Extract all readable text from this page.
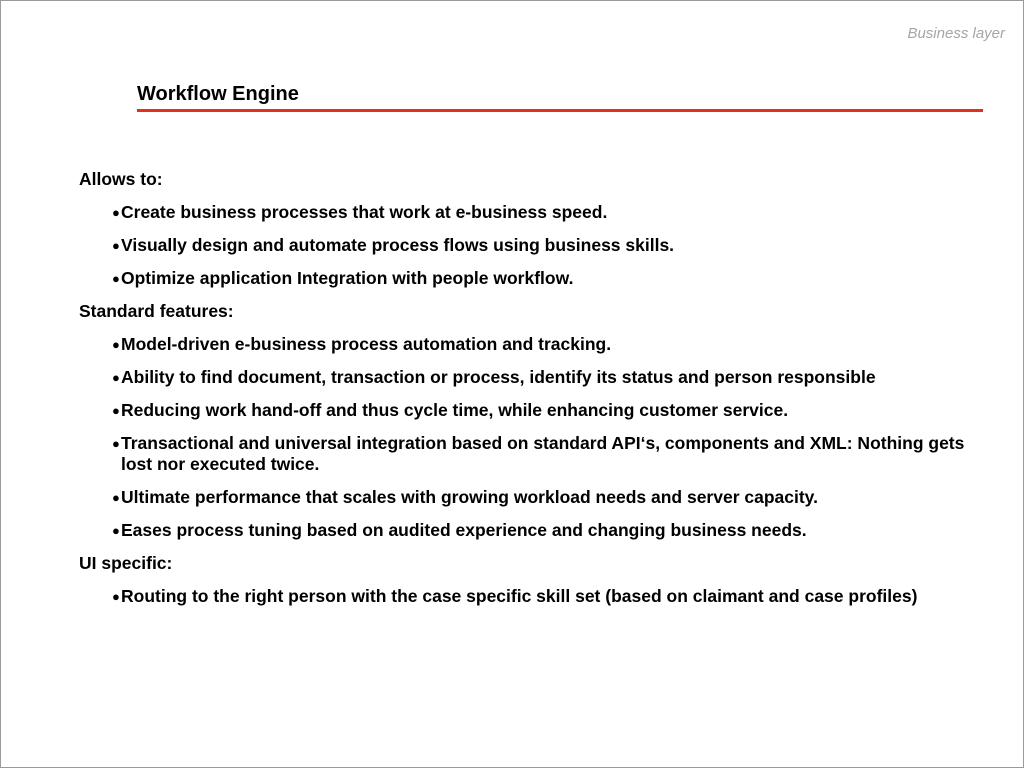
Business layer
Workflow Engine
Allows to:
● Create business processes that work at e-business speed.
● Visually design and automate process flows using business skills.
● Optimize application Integration with people workflow.
Standard features:
● Model-driven e-business process automation and tracking.
● Ability to find document, transaction or process, identify its status and person responsible
● Reducing work hand-off and thus cycle time, while enhancing customer service.
● Transactional and universal integration based on standard API‘s, components and XML: Nothing gets lost nor executed twice.
● Ultimate performance that scales with growing workload needs and server capacity.
● Eases process tuning based on audited experience and changing business needs.
UI specific:
● Routing to the right person with the case specific skill set (based on claimant and case profiles)
